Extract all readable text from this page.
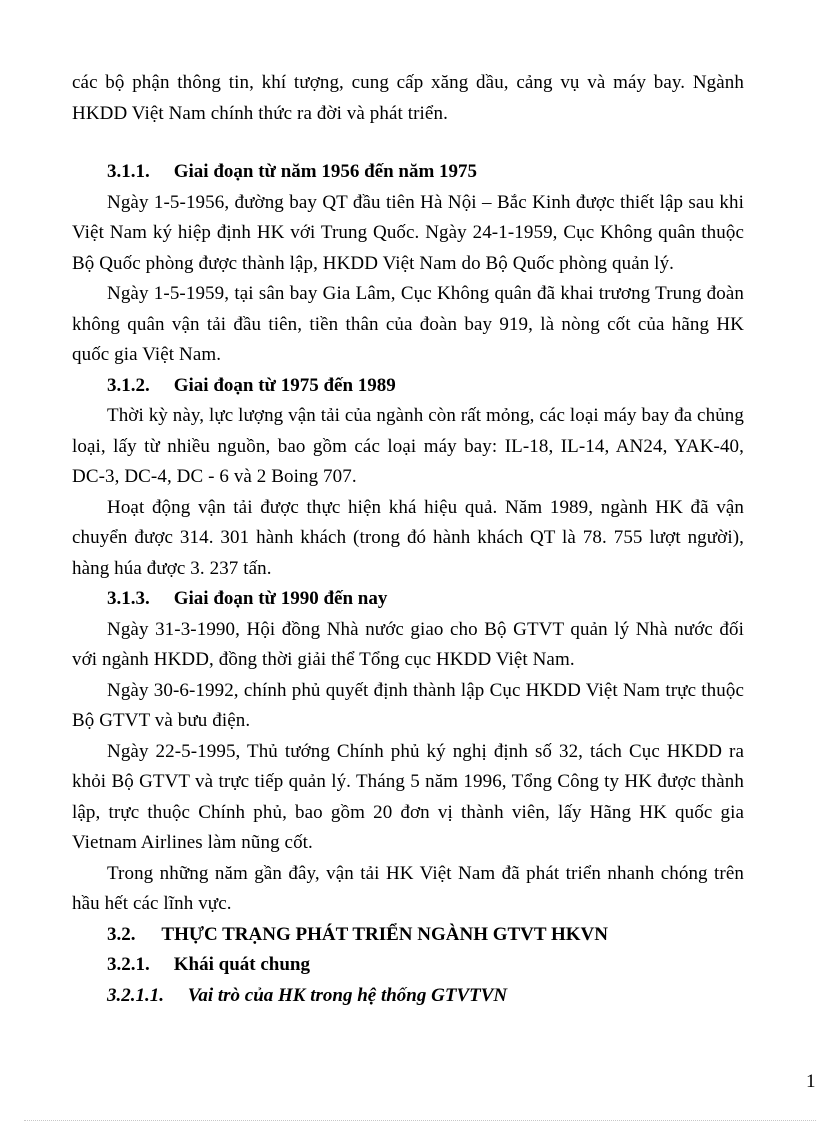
các bộ phận thông tin, khí tượng, cung cấp xăng dầu, cảng vụ và máy bay. Ngành HKDD Việt Nam chính thức ra đời và phát triển.

3.1.1. Giai đoạn từ năm 1956 đến năm 1975

Ngày 1-5-1956, đường bay QT đầu tiên Hà Nội – Bắc Kinh được thiết lập sau khi Việt Nam ký hiệp định HK với Trung Quốc. Ngày 24-1-1959, Cục Không quân thuộc Bộ Quốc phòng được thành lập, HKDD Việt Nam do Bộ Quốc phòng quản lý.

Ngày 1-5-1959, tại sân bay Gia Lâm, Cục Không quân đã khai trương Trung đoàn không quân vận tải đầu tiên, tiền thân của đoàn bay 919, là nòng cốt của hãng HK quốc gia Việt Nam.

3.1.2. Giai đoạn từ 1975 đến 1989

Thời kỳ này, lực lượng vận tải của ngành còn rất mỏng, các loại máy bay đa chủng loại, lấy từ nhiều nguồn, bao gồm các loại máy bay: IL-18, IL-14, AN24, YAK-40, DC-3, DC-4, DC - 6 và 2 Boing 707.

Hoạt động vận tải được thực hiện khá hiệu quả. Năm 1989, ngành HK đã vận chuyển được 314. 301 hành khách (trong đó hành khách QT là 78. 755 lượt người), hàng húa được 3. 237 tấn.

3.1.3. Giai đoạn từ 1990 đến nay

Ngày 31-3-1990, Hội đồng Nhà nước giao cho Bộ GTVT quản lý Nhà nước đối với ngành HKDD, đồng thời giải thể Tổng cục HKDD Việt Nam.

Ngày 30-6-1992, chính phủ quyết định thành lập Cục HKDD Việt Nam trực thuộc Bộ GTVT và bưu điện.

Ngày 22-5-1995, Thủ tướng Chính phủ ký nghị định số 32, tách Cục HKDD ra khỏi Bộ GTVT và trực tiếp quản lý. Tháng 5 năm 1996, Tổng Công ty HK được thành lập, trực thuộc Chính phủ, bao gồm 20 đơn vị thành viên, lấy Hãng HK quốc gia Vietnam Airlines làm nũng cốt.

Trong những năm gần đây, vận tải HK Việt Nam đã phát triển nhanh chóng trên hầu hết các lĩnh vực.

3.2. THỰC TRẠNG PHÁT TRIỂN NGÀNH GTVT HKVN
3.2.1. Khái quát chung
3.2.1.1. Vai trò của HK trong hệ thống GTVTVN
1
